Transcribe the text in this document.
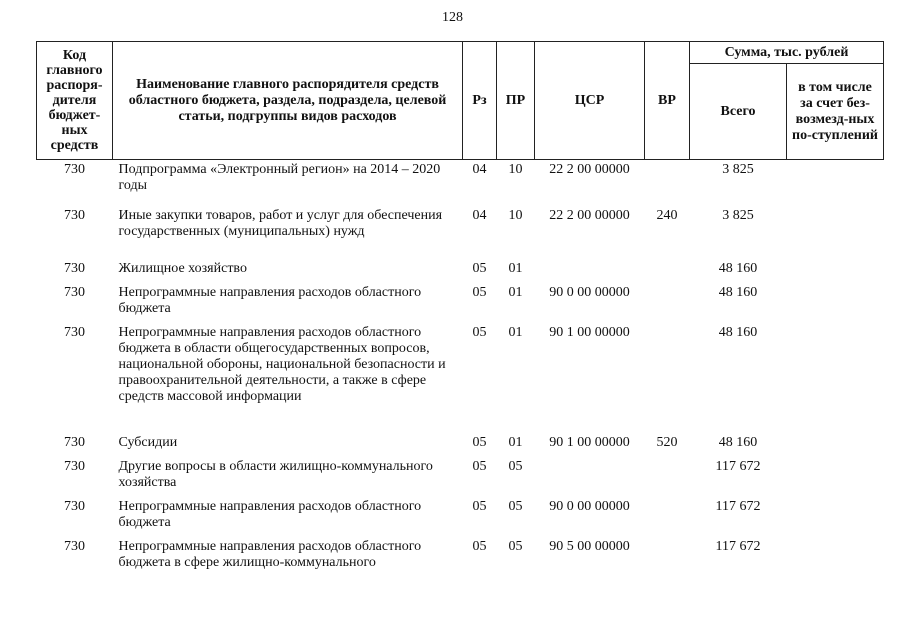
128
Код главного распоря-дителя бюджет-ных средств	Наименование главного распорядителя средств областного бюджета, раздела, подраздела, целевой статьи, подгруппы видов расходов	Рз	ПР	ЦСР	ВР	Сумма, тыс. рублей	
						Всего	в том числе за счет без-возмезд-ных по-ступлений
730	Подпрограмма «Электронный регион» на 2014 – 2020 годы	04	10	22 2 00 00000		3 825	
730	Иные закупки товаров, работ и услуг для обеспечения государственных (муниципальных) нужд	04	10	22 2 00 00000	240	3 825	
730	Жилищное хозяйство	05	01			48 160	
730	Непрограммные направления расходов областного бюджета	05	01	90 0 00 00000		48 160	
730	Непрограммные направления расходов областного бюджета в области общегосударственных вопросов, национальной обороны, национальной безопасности и правоохранительной деятельности, а также в сфере средств массовой информации	05	01	90 1 00 00000		48 160	
730	Субсидии	05	01	90 1 00 00000	520	48 160	
730	Другие вопросы в области жилищно-коммунального хозяйства	05	05			117 672	
730	Непрограммные направления расходов областного бюджета	05	05	90 0 00 00000		117 672	
730	Непрограммные направления расходов областного бюджета в сфере жилищно-коммунального	05	05	90 5 00 00000		117 672	
